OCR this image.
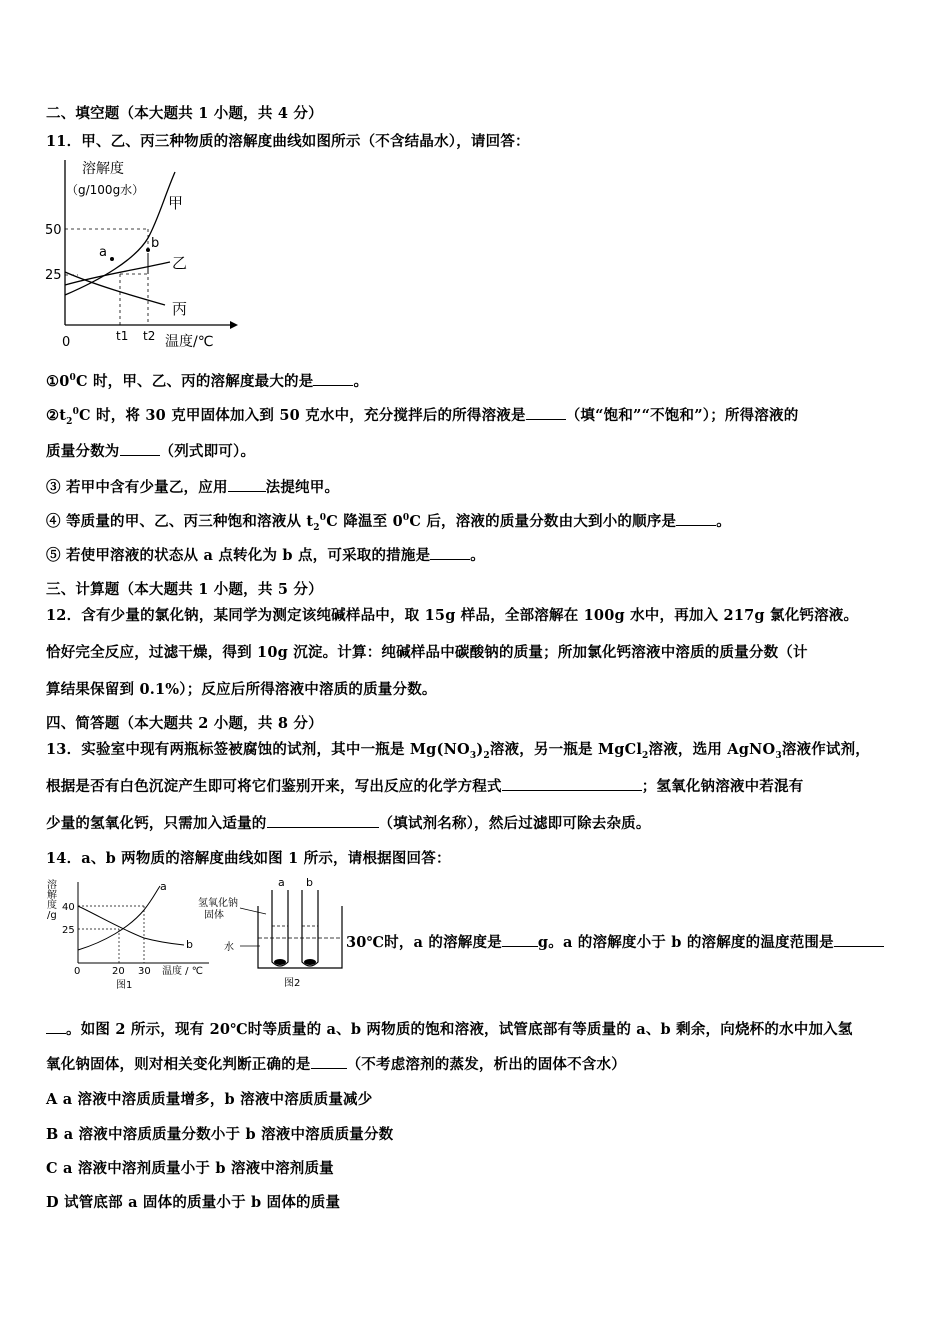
二、填空题（本大题共 1 小题，共 4 分）
11．甲、乙、丙三种物质的溶解度曲线如图所示（不含结晶水），请回答：
溶解度
（g/100g水）
50
25
0	t1 t2 温度/℃
甲
乙
丙
a
b
$①0^0C$ 时，甲、乙、丙的溶解度最大的是	。
$②t_2^0C$ 时，将 30 克甲固体加入到 50 克水中，充分搅拌后的所得溶液是	（填“饱和”“不饱和”）；所得溶液的
质量分数为	（列式即可）。
③ 若甲中含有少量乙，应用	法提纯甲。
④ 等质量的甲、乙、丙三种饱和溶液从 $t_2^0C$ 降温至 $0^0C$ 后，溶液的质量分数由大到小的顺序是	。
⑤ 若使甲溶液的状态从 a 点转化为 b 点，可采取的措施是	。
三、计算题（本大题共 1 小题，共 5 分）
12．含有少量的氯化钠，某同学为测定该纯碱样品中，取 15g 样品，全部溶解在 100g 水中，再加入 217g 氯化钙溶液。
恰好完全反应，过滤干燥，得到 10g 沉淀。计算：纯碱样品中碳酸钠的质量；所加氯化钙溶液中溶质的质量分数（计
算结果保留到 0.1%）；反应后所得溶液中溶质的质量分数。
四、简答题（本大题共 2 小题，共 8 分）
13．实验室中现有两瓶标签被腐蚀的试剂，其中一瓶是 $Mg(NO_3)_2$溶液，另一瓶是 MgCl$_2$溶液，选用 AgNO$_3$溶液作试剂，
根据是否有白色沉淀产生即可将它们鉴别开来，写出反应的化学方程式	；氢氧化钠溶液中若混有
少量的氢氧化钙，只需加入适量的	（填试剂名称），然后过滤即可除去杂质。
14．a、b 两物质的溶解度曲线如图 1 所示，请根据图回答：
溶
解
度
/g
40
25
0	20 30 温度 / ℃
a
b
图1
a b
氢氧化钠
固体
水
图2
30℃时，a 的溶解度是 g。a 的溶解度小于 b 的溶解度的温度范围是
。如图 2 所示，现有 20℃时等质量的 a、b 两物质的饱和溶液，试管底部有等质量的 a、b 剩余，向烧杯的水中加入氢
氧化钠固体，则对相关变化判断正确的是 （不考虑溶剂的蒸发，析出的固体不含水）
A a 溶液中溶质质量增多，b 溶液中溶质质量减少
B a 溶液中溶质质量分数小于 b 溶液中溶质质量分数
C a 溶液中溶剂质量小于 b 溶液中溶剂质量
D 试管底部 a 固体的质量小于 b 固体的质量
